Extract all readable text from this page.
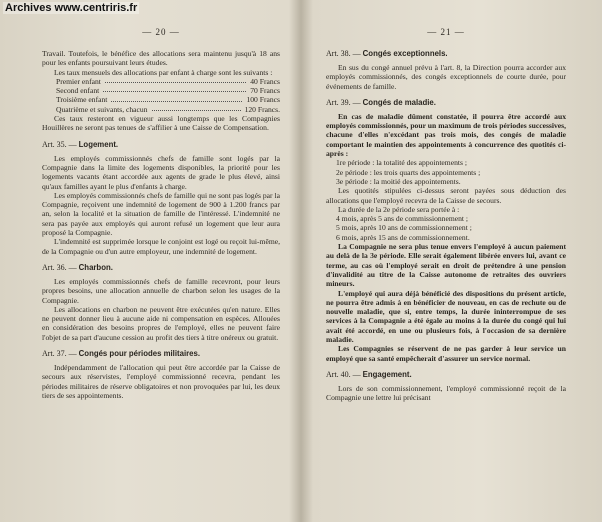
Archives www.centriris.fr
— 20 —

Travail. Toutefois, le bénéfice des allocations sera maintenu jusqu'à 18 ans pour les enfants poursuivant leurs études.

Les taux mensuels des allocations par enfant à charge sont les suivants :

Premier enfant	40 Francs
Second enfant	70 Francs
Troisième enfant	100 Francs
Quatrième et suivants, chacun	120 Francs.

Ces taux resteront en vigueur aussi longtemps que les Compagnies Houillères ne seront pas tenues de s'affilier à une Caisse de Compensation.

Art. 35. — Logement.

Les employés commissionnés chefs de famille sont logés par la Compagnie dans la limite des logements disponibles, la priorité pour les logements vacants étant accordée aux agents de grade le plus élevé, ainsi qu'aux familles ayant le plus d'enfants à charge.

Les employés commissionnés chefs de famille qui ne sont pas logés par la Compagnie, reçoivent une indemnité de logement de 900 à 1.200 francs par an, selon la localité et la situation de famille de l'intéressé. L'indemnité ne sera pas payée aux employés qui auront refusé un logement que leur aura proposé la Compagnie.

L'indemnité est supprimée lorsque le conjoint est logé ou reçoit lui-même, de la Compagnie ou d'un autre employeur, une indemnité de logement.

Art. 36. — Charbon.

Les employés commissionnés chefs de famille recevront, pour leurs propres besoins, une allocation annuelle de charbon selon les usages de la Compagnie.

Les allocations en charbon ne peuvent être exécutées qu'en nature. Elles ne peuvent donner lieu à aucune aide ni compensation en espèces. Allouées en considération des besoins propres de l'employé, elles ne peuvent faire l'objet de sa part d'aucune cession au profit des tiers à titre onéreux ou gratuit.

Art. 37. — Congés pour périodes militaires.

Indépendamment de l'allocation qui peut être accordée par la Caisse de secours aux réservistes, l'employé commissionné recevra, pendant les périodes militaires de réserve obligatoires et non provoquées par lui, les deux tiers de ses appointements.

— 21 —
Art. 38. — Congés exceptionnels.

En sus du congé annuel prévu à l'art. 8, la Direction pourra accorder aux employés commissionnés, des congés exceptionnels de courte durée, pour événements de famille.

Art. 39. — Congés de maladie.

En cas de maladie dûment constatée, il pourra être accordé aux employés commissionnés, pour un maximum de trois périodes successives, chacune d'elles n'excédant pas trois mois, des congés de maladie comportant le maintien des appointements à concurrence des quotités ci-après :

1re période : la totalité des appointements ;
2e période : les trois quarts des appointements ;
3e période : la moitié des appointements.

Les quotités stipulées ci-dessus seront payées sous déduction des allocations que l'employé recevra de la Caisse de secours.

La durée de la 2e période sera portée à :

4 mois, après 5 ans de commissionnement ;
5 mois, après 10 ans de commissionnement ;
6 mois, après 15 ans de commissionnement.

La Compagnie ne sera plus tenue envers l'employé à aucun paiement au delà de la 3e période. Elle serait également libérée envers lui, avant ce terme, au cas où l'employé serait en droit de prétendre à une pension d'invalidité au titre de la Caisse autonome de retraites des ouvriers mineurs.

L'employé qui aura déjà bénéficié des dispositions du présent article, ne pourra être admis à en bénéficier de nouveau, en cas de rechute ou de nouvelle maladie, que si, entre temps, la durée ininterrompue de ses services à la Compagnie a été égale au moins à la durée du congé qui lui avait été accordé, en une ou plusieurs fois, à l'occasion de sa dernière maladie.

Les Compagnies se réservent de ne pas garder à leur service un employé que sa santé empêcherait d'assurer un service normal.

Art. 40. — Engagement.

Lors de son commissionnement, l'employé commissionné reçoit de la Compagnie une lettre lui précisant
